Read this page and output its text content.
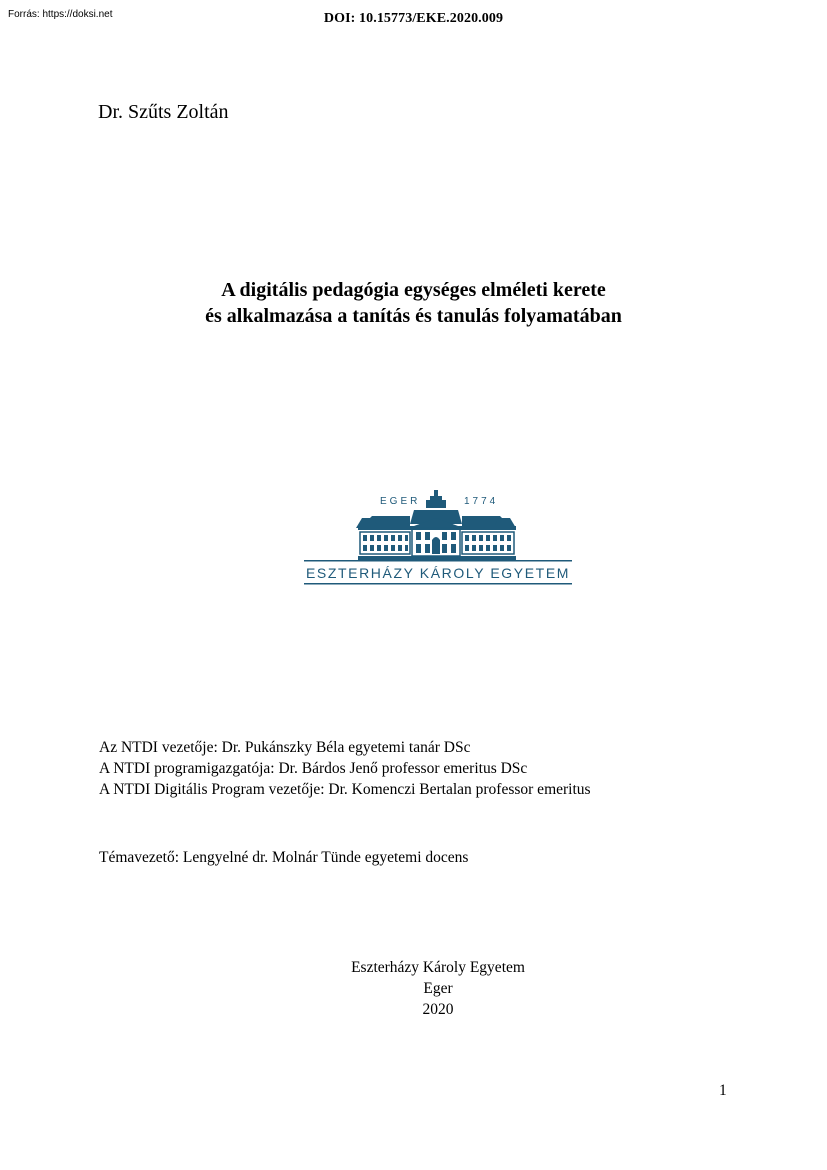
Forrás: https://doksi.net	DOI: 10.15773/EKE.2020.009
Dr. Szűts Zoltán
A digitális pedagógia egységes elméleti kerete
és alkalmazása a tanítás és tanulás folyamatában
EGER	1774
ESZTERHÁZY KÁROLY EGYETEM
Az NTDI vezetője: Dr. Pukánszky Béla egyetemi tanár DSc
A NTDI programigazgatója: Dr. Bárdos Jenő professor emeritus DSc
A NTDI Digitális Program vezetője: Dr. Komenczi Bertalan professor emeritus
Témavezető: Lengyelné dr. Molnár Tünde egyetemi docens
Eszterházy Károly Egyetem
Eger
2020
1
